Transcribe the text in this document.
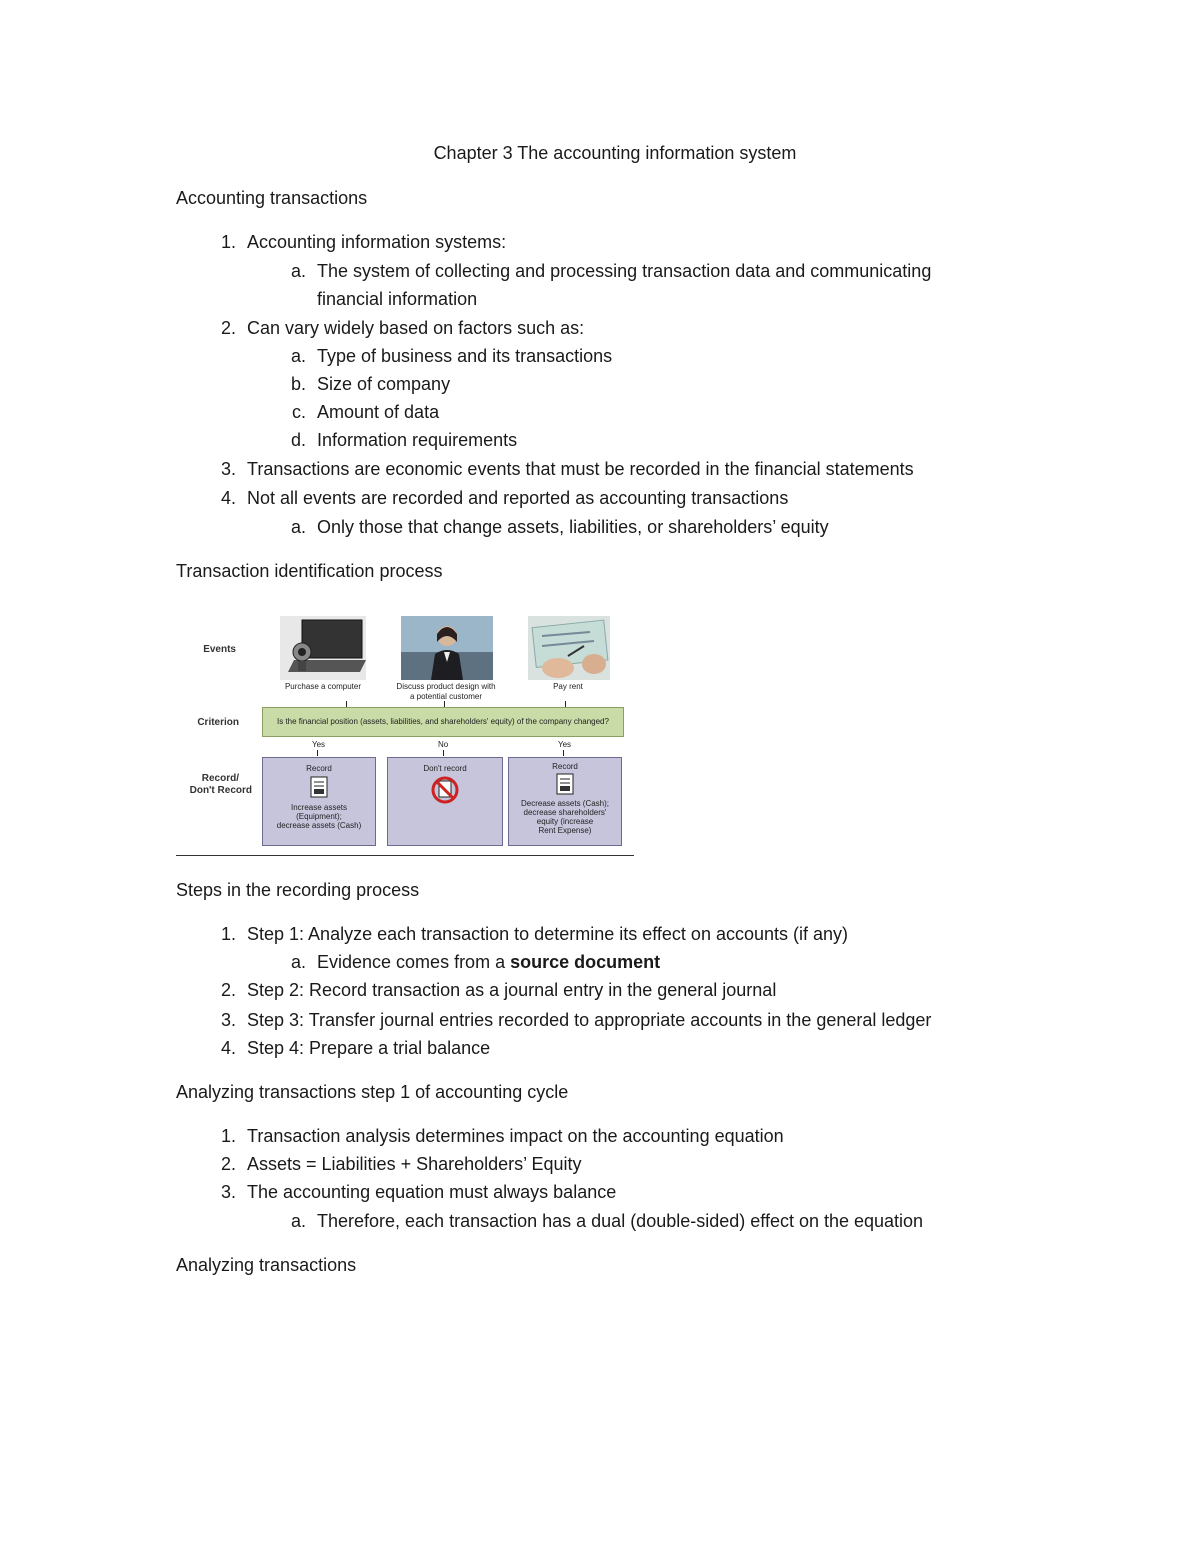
Chapter 3 The accounting information system
Accounting transactions
1. Accounting information systems:
a. The system of collecting and processing transaction data and communicating
financial information
2. Can vary widely based on factors such as:
a. Type of business and its transactions
b. Size of company
c. Amount of data
d. Information requirements
3. Transactions are economic events that must be recorded in the financial statements
4. Not all events are recorded and reported as accounting transactions
a. Only those that change assets, liabilities, or shareholders’ equity
Transaction identification process
Events
Criterion
Record/
Don't Record
Purchase a computer	Discuss product design with
a potential customer
Pay rent
Is the financial position (assets, liabilities, and shareholders' equity) of the company changed?
Yes	No	Yes
Record
Increase assets
(Equipment);
decrease assets (Cash)
Don't record	Record
Decrease assets (Cash);
decrease shareholders'
equity (increase
Rent Expense)
Steps in the recording process
1. Step 1: Analyze each transaction to determine its effect on accounts (if any)
a. Evidence comes from a source document
2. Step 2: Record transaction as a journal entry in the general journal
3. Step 3: Transfer journal entries recorded to appropriate accounts in the general ledger
4. Step 4: Prepare a trial balance
Analyzing transactions step 1 of accounting cycle
1. Transaction analysis determines impact on the accounting equation
2. Assets = Liabilities + Shareholders’ Equity
3. The accounting equation must always balance
a. Therefore, each transaction has a dual (double-sided) effect on the equation
Analyzing transactions
